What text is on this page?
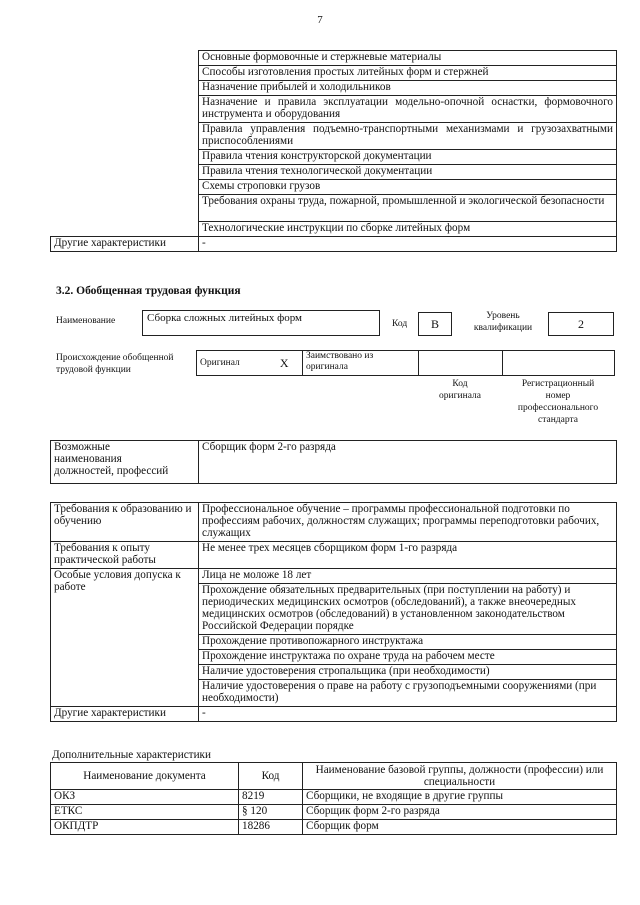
7
	Основные формовочные и стержневые материалы
	Способы изготовления простых литейных форм и стержней
	Назначение прибылей и холодильников
	Назначение и правила эксплуатации модельно-опочной оснастки, формовочного инструмента и оборудования
	Правила управления подъемно-транспортными механизмами и грузозахватными приспособлениями
	Правила чтения конструкторской документации
	Правила чтения технологической документации
	Схемы строповки грузов
	Требования охраны труда, пожарной, промышленной и экологической безопасности
	Технологические инструкции по сборке литейных форм
Другие характеристики	-
3.2. Обобщенная трудовая функция
Наименование	Сборка сложных литейных форм	Код	B
Уровень
квалификации	2
Происхождение обобщенной
трудовой функции
Оригинал	X	Заимствовано из
оригинала

Код
оригинала
Регистрационный
номер
профессионального
стандарта
Возможные
наименования
должностей, профессий
	Сборщик форм 2-го разряда
Требования к образованию и обучению	Профессиональное обучение – программы профессиональной подготовки по профессиям рабочих, должностям служащих; программы переподготовки рабочих, служащих
Требования к опыту практической работы	Не менее трех месяцев сборщиком форм 1-го разряда
Особые условия допуска к работе	Лица не моложе 18 лет
	Прохождение обязательных предварительных (при поступлении на работу) и периодических медицинских осмотров (обследований), а также внеочередных медицинских осмотров (обследований) в установленном законодательством Российской Федерации порядке
	Прохождение противопожарного инструктажа
	Прохождение инструктажа по охране труда на рабочем месте
	Наличие удостоверения стропальщика (при необходимости)
	Наличие удостоверения о праве на работу с грузоподъемными сооружениями (при необходимости)
Другие характеристики	-
Дополнительные характеристики
Наименование документа	Код	Наименование базовой группы, должности (профессии) или специальности
ОКЗ	8219	Сборщики, не входящие в другие группы
ЕТКС	§ 120	Сборщик форм 2-го разряда
ОКПДТР	18286	Сборщик форм
